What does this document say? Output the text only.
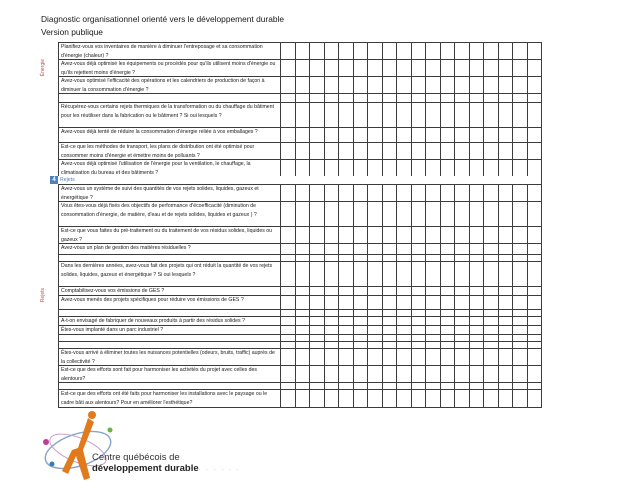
Diagnostic organisationnel orienté vers le développement durable
Version publique
Planifiez-vous vos inventaires de manière à diminuer l'entreposage et sa consommation d'énergie (chaleur) ?
Avez-vous déjà optimisé les équipements ou procédés pour qu'ils utilisent moins d'énergie ou qu'ils rejettent moins d'énergie ?
Avez-vous optimisé l'efficacité des opérations et les calendriers de production de façon à diminuer la consommation d'énergie ?
Récupérez-vous certains rejets thermiques de la transformation ou du chauffage du bâtiment pour les réutiliser dans la fabrication ou le bâtiment ? Si oui lesquels ?
Avez-vous déjà tenté de réduire la consommation d'énergie reliée à vos emballages ?
Est-ce que les méthodes de transport, les plans de distribution ont été optimisé pour consommer moins d'énergie et émettre moins de polluants ?
Avez-vous déjà optimisé l'utilisation de l'énergie pour la ventilation, le chauffage, la climatisation du bureau et des bâtiments ?
Énergie
4 Rejets
Avez-vous un système de suivi des quantités de vos rejets solides, liquides, gazeux et énergétique ?
Vous êtes-vous déjà fixés des objectifs de performance d'écoefficacité (diminution de consommation d'énergie, de matière, d'eau et de rejets solides, liquides et gazeux ) ?
Est-ce que vous faites du pré-traitement ou du traitement de vos résidus solides, liquides ou gazeux ?
Avez-vous un plan de gestion des matières résiduelles ?
Dans les dernières années, avez-vous fait des projets qui ont réduit la quantité de vos rejets solides, liquides, gazeux et énergétique ? Si oui lesquels ?
Comptabilisez-vous vos émissions de GES ?
Avez-vous menés des projets spécifiques pour réduire vos émissions de GES ?
A-t-on envisagé de fabriquer de nouveaux produits à partir des résidus solides ?
Êtes-vous implanté dans un parc industriel ?
Êtes-vous arrivé à éliminer toutes les nuisances potentielles (odeurs, bruits, traffic) auprès de la collectivité ?
Est-ce que des efforts sont fait pour harmoniser les activités du projet avec celles des alentours?
Est-ce que des efforts ont été faits pour harmoniser les installations avec le paysage ou le cadre bâti aux alentours? Pour en améliorer l'esthétique?
Rejets
Centre québécois de
développement durable
· · · · · · · ·
